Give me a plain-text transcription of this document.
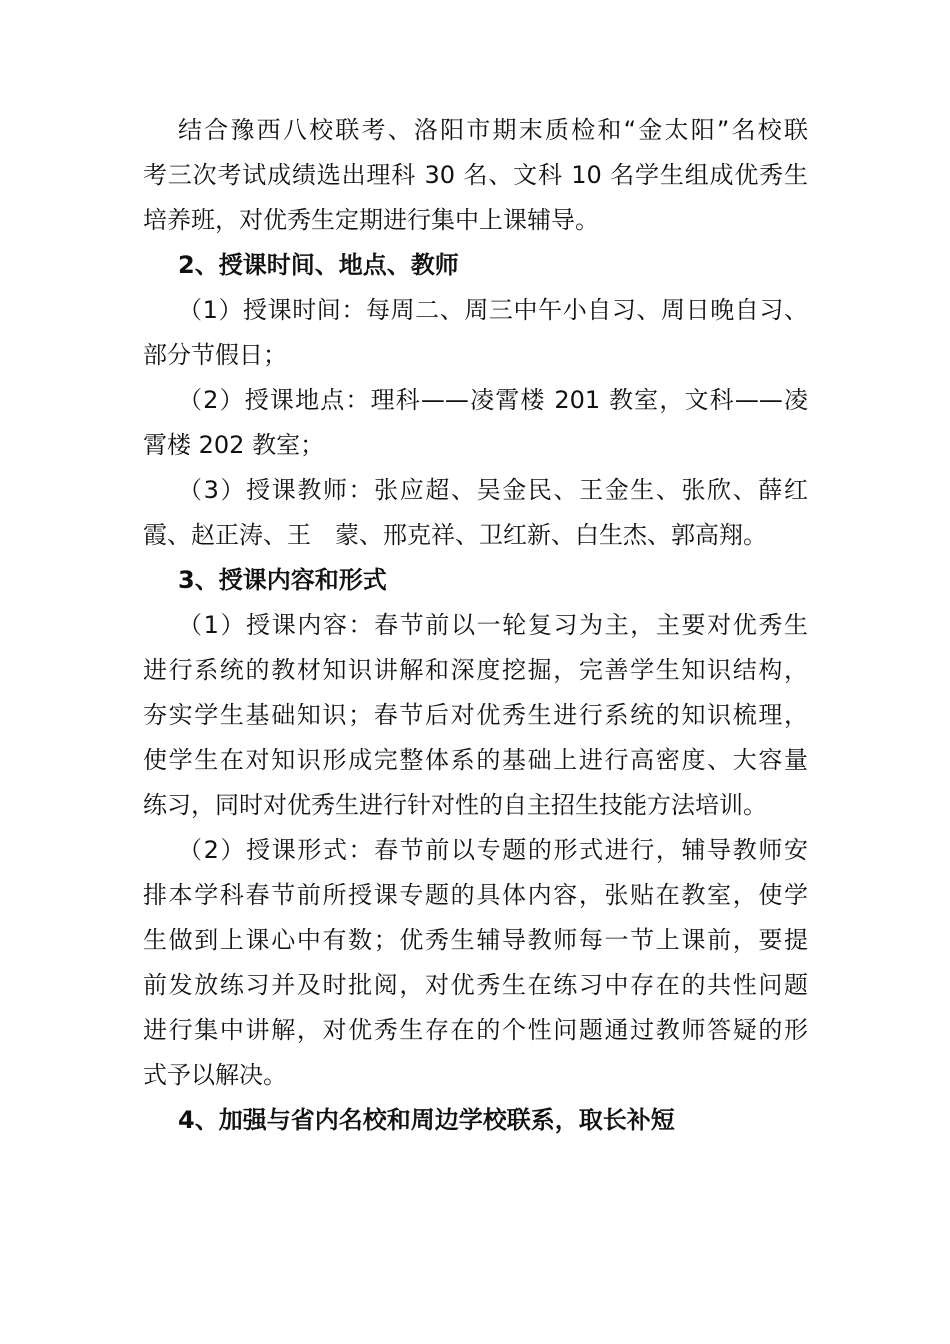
结合豫西八校联考、洛阳市期末质检和“金太阳”名校联
考三次考试成绩选出理科 30 名、文科 10 名学生组成优秀生
培养班，对优秀生定期进行集中上课辅导。
2、授课时间、地点、教师
（1）授课时间：每周二、周三中午小自习、周日晚自习、
部分节假日；
（2）授课地点：理科——凌霄楼 201 教室，文科——凌
霄楼 202 教室；
（3）授课教师：张应超、吴金民、王金生、张欣、薛红
霞、赵正涛、王　蒙、邢克祥、卫红新、白生杰、郭高翔。
3、授课内容和形式
（1）授课内容：春节前以一轮复习为主，主要对优秀生
进行系统的教材知识讲解和深度挖掘，完善学生知识结构，
夯实学生基础知识；春节后对优秀生进行系统的知识梳理，
使学生在对知识形成完整体系的基础上进行高密度、大容量
练习，同时对优秀生进行针对性的自主招生技能方法培训。
（2）授课形式：春节前以专题的形式进行，辅导教师安
排本学科春节前所授课专题的具体内容，张贴在教室，使学
生做到上课心中有数；优秀生辅导教师每一节上课前，要提
前发放练习并及时批阅，对优秀生在练习中存在的共性问题
进行集中讲解，对优秀生存在的个性问题通过教师答疑的形
式予以解决。
4、加强与省内名校和周边学校联系，取长补短
